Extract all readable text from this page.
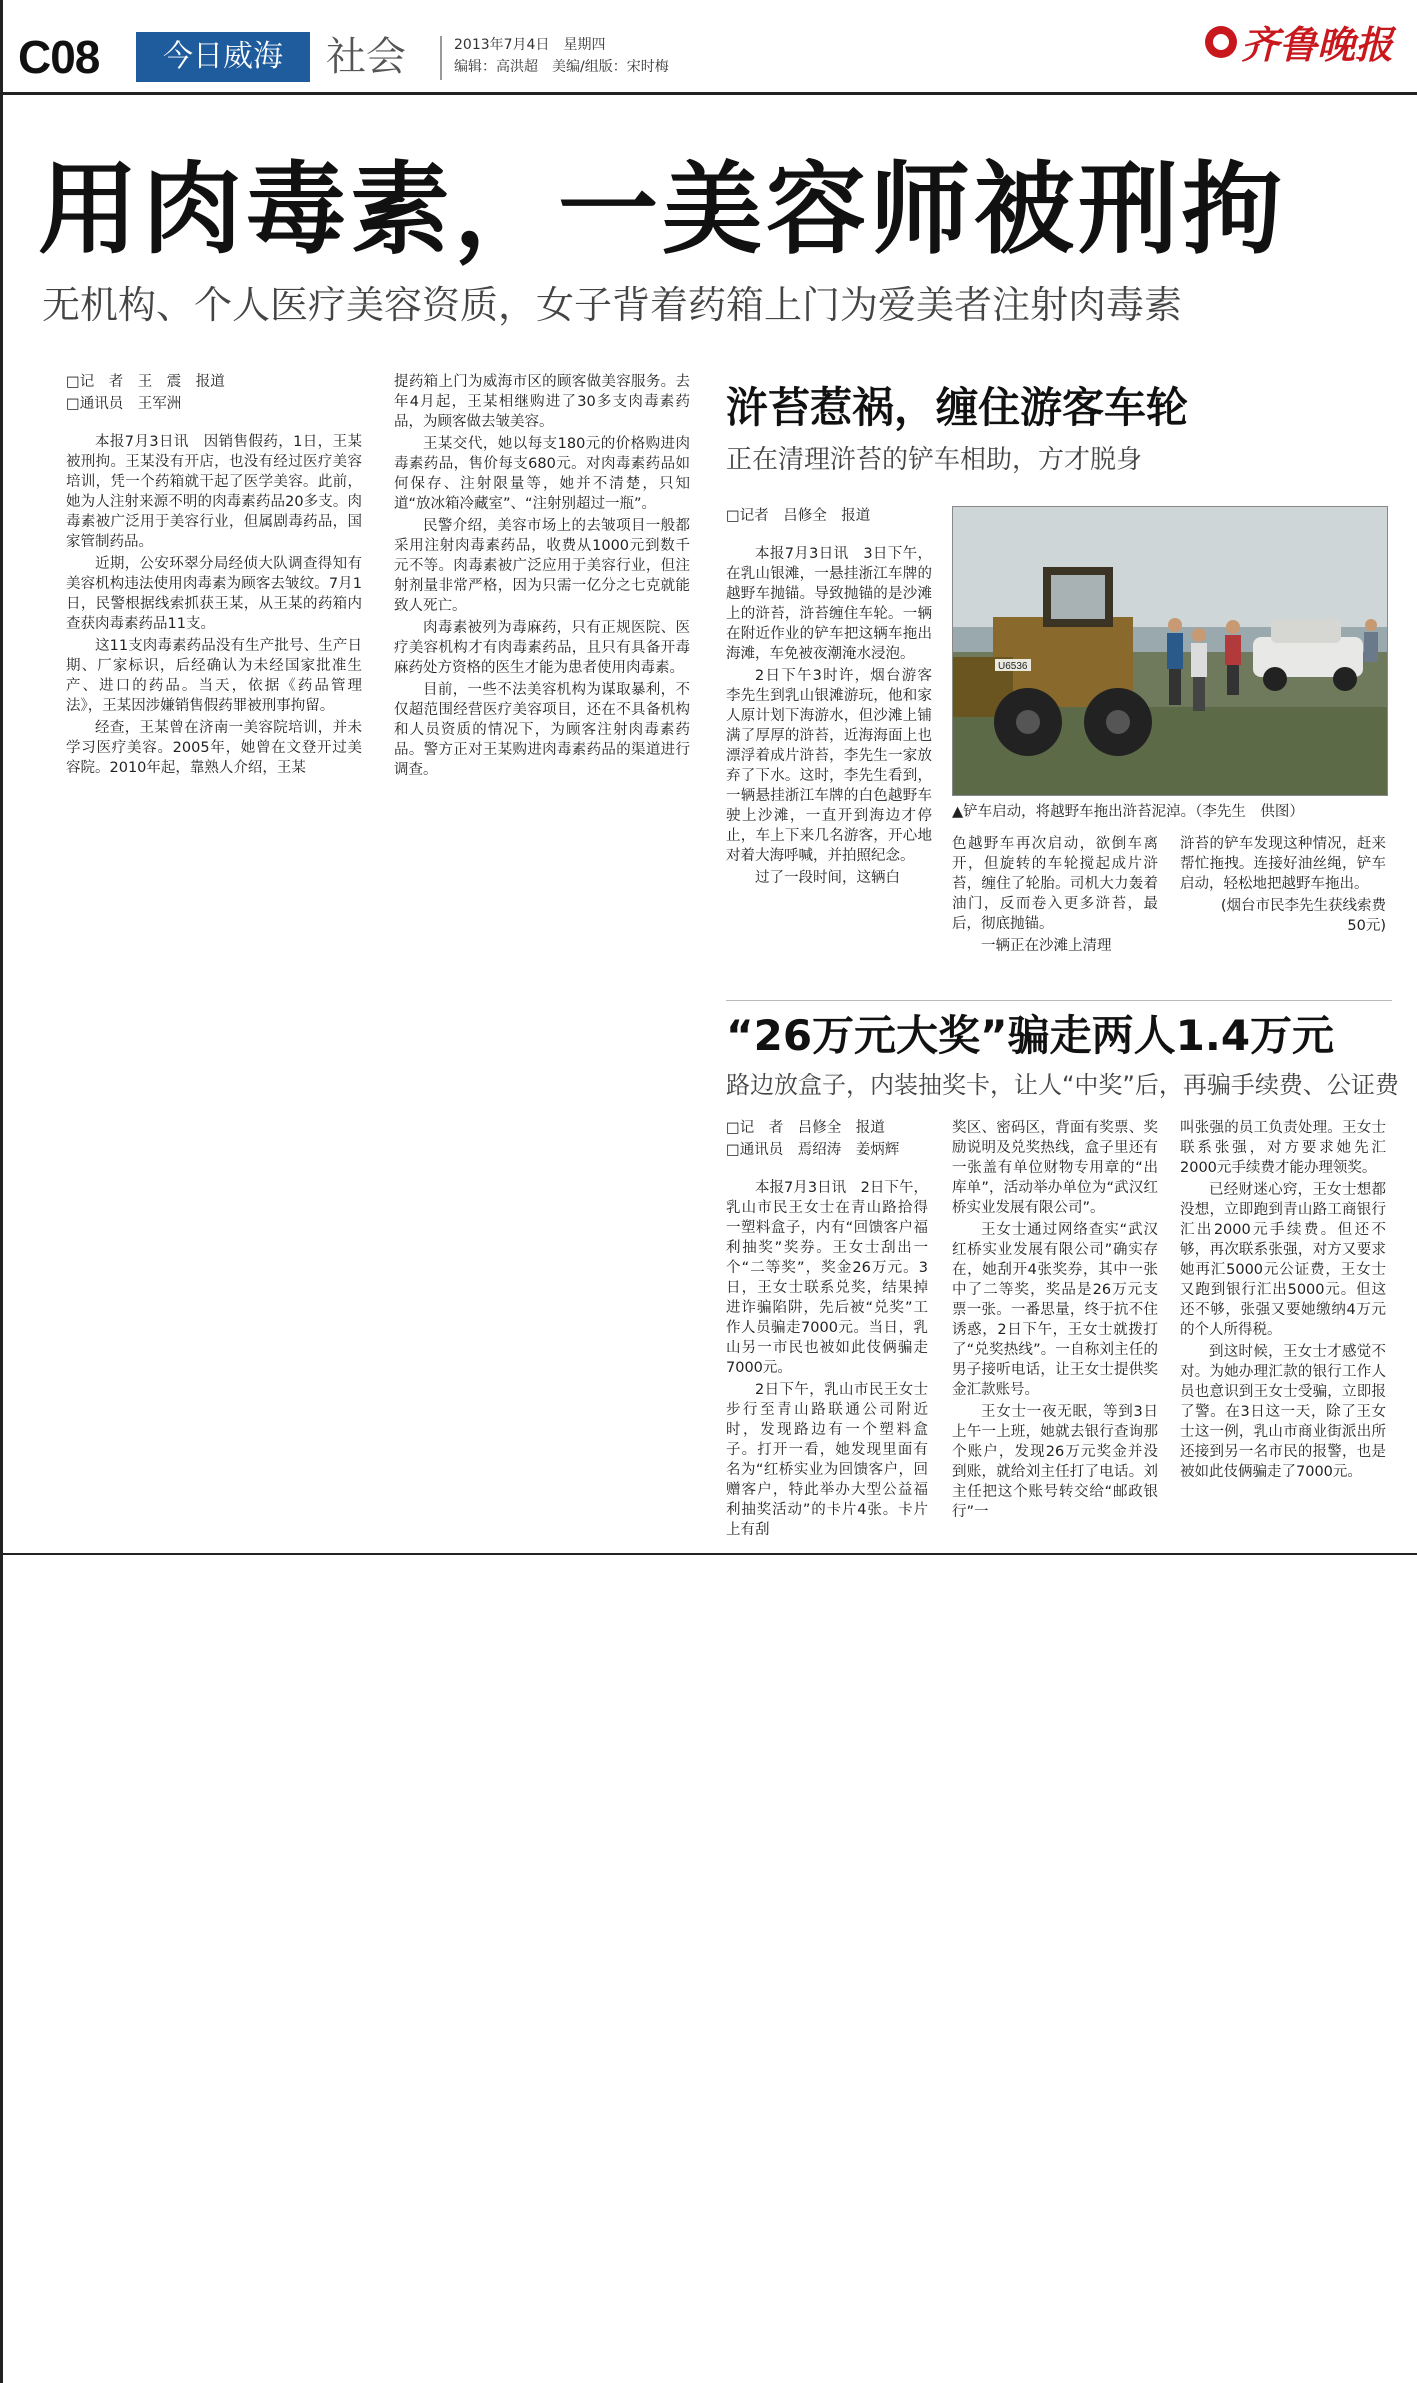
C08	今日威海	社会	2013年7月4日　星期四
编辑：高洪超　美编/组版：宋时梅	齐鲁晚报
用肉毒素，一美容师被刑拘
无机构、个人医疗美容资质，女子背着药箱上门为爱美者注射肉毒素

□记　者　王　震　报道

□通讯员　王军洲

本报7月3日讯　因销售假药，1日，王某被刑拘。王某没有开店，也没有经过医疗美容培训，凭一个药箱就干起了医学美容。此前，她为人注射来源不明的肉毒素药品20多支。肉毒素被广泛用于美容行业，但属剧毒药品，国家管制药品。

近期，公安环翠分局经侦大队调查得知有美容机构违法使用肉毒素为顾客去皱纹。7月1日，民警根据线索抓获王某，从王某的药箱内查获肉毒素药品11支。

这11支肉毒素药品没有生产批号、生产日期、厂家标识，后经确认为未经国家批准生产、进口的药品。当天，依据《药品管理法》，王某因涉嫌销售假药罪被刑事拘留。

经查，王某曾在济南一美容院培训，并未学习医疗美容。2005年，她曾在文登开过美容院。2010年起，靠熟人介绍，王某

提药箱上门为威海市区的顾客做美容服务。去年4月起，王某相继购进了30多支肉毒素药品，为顾客做去皱美容。

王某交代，她以每支180元的价格购进肉毒素药品，售价每支680元。对肉毒素药品如何保存、注射限量等，她并不清楚，只知道“放冰箱冷藏室”、“注射别超过一瓶”。

民警介绍，美容市场上的去皱项目一般都采用注射肉毒素药品，收费从1000元到数千元不等。肉毒素被广泛应用于美容行业，但注射剂量非常严格，因为只需一亿分之七克就能致人死亡。

肉毒素被列为毒麻药，只有正规医院、医疗美容机构才有肉毒素药品，且只有具备开毒麻药处方资格的医生才能为患者使用肉毒素。

目前，一些不法美容机构为谋取暴利，不仅超范围经营医疗美容项目，还在不具备机构和人员资质的情况下，为顾客注射肉毒素药品。警方正对王某购进肉毒素药品的渠道进行调查。

浒苔惹祸，缠住游客车轮
正在清理浒苔的铲车相助，方才脱身

□记者　吕修全　报道

本报7月3日讯　3日下午，在乳山银滩，一悬挂浙江车牌的越野车抛锚。导致抛锚的是沙滩上的浒苔，浒苔缠住车轮。一辆在附近作业的铲车把这辆车拖出海滩，车免被夜潮淹水浸泡。

2日下午3时许，烟台游客李先生到乳山银滩游玩，他和家人原计划下海游水，但沙滩上铺满了厚厚的浒苔，近海海面上也漂浮着成片浒苔，李先生一家放弃了下水。这时，李先生看到，一辆悬挂浙江车牌的白色越野车驶上沙滩，一直开到海边才停止，车上下来几名游客，开心地对着大海呼喊，并拍照纪念。

过了一段时间，这辆白

U6536
▲铲车启动，将越野车拖出浒苔泥淖。（李先生　供图）

色越野车再次启动，欲倒车离开，但旋转的车轮搅起成片浒苔，缠住了轮胎。司机大力轰着油门，反而卷入更多浒苔，最后，彻底抛锚。

一辆正在沙滩上清理

浒苔的铲车发现这种情况，赶来帮忙拖拽。连接好油丝绳，铲车启动，轻松地把越野车拖出。

(烟台市民李先生获线索费50元)

“26万元大奖”骗走两人1.4万元
路边放盒子，内装抽奖卡，让人“中奖”后，再骗手续费、公证费

□记　者　吕修全　报道

□通讯员　焉绍涛　姜炳辉

本报7月3日讯　2日下午，乳山市民王女士在青山路拾得一塑料盒子，内有“回馈客户福利抽奖”奖券。王女士刮出一个“二等奖”，奖金26万元。3日，王女士联系兑奖，结果掉进诈骗陷阱，先后被“兑奖”工作人员骗走7000元。当日，乳山另一市民也被如此伎俩骗走7000元。

2日下午，乳山市民王女士步行至青山路联通公司附近时，发现路边有一个塑料盒子。打开一看，她发现里面有名为“红桥实业为回馈客户，回赠客户，特此举办大型公益福利抽奖活动”的卡片4张。卡片上有刮

奖区、密码区，背面有奖票、奖励说明及兑奖热线，盒子里还有一张盖有单位财物专用章的“出库单”，活动举办单位为“武汉红桥实业发展有限公司”。

王女士通过网络查实“武汉红桥实业发展有限公司”确实存在，她刮开4张奖券，其中一张中了二等奖，奖品是26万元支票一张。一番思量，终于抗不住诱惑，2日下午，王女士就拨打了“兑奖热线”。一自称刘主任的男子接听电话，让王女士提供奖金汇款账号。

王女士一夜无眠，等到3日上午一上班，她就去银行查询那个账户，发现26万元奖金并没到账，就给刘主任打了电话。刘主任把这个账号转交给“邮政银行”一

叫张强的员工负责处理。王女士联系张强，对方要求她先汇2000元手续费才能办理领奖。

已经财迷心窍，王女士想都没想，立即跑到青山路工商银行汇出2000元手续费。但还不够，再次联系张强，对方又要求她再汇5000元公证费，王女士又跑到银行汇出5000元。但这还不够，张强又要她缴纳4万元的个人所得税。

到这时候，王女士才感觉不对。为她办理汇款的银行工作人员也意识到王女士受骗，立即报了警。在3日这一天，除了王女士这一例，乳山市商业街派出所还接到另一名市民的报警，也是被如此伎俩骗走了7000元。
